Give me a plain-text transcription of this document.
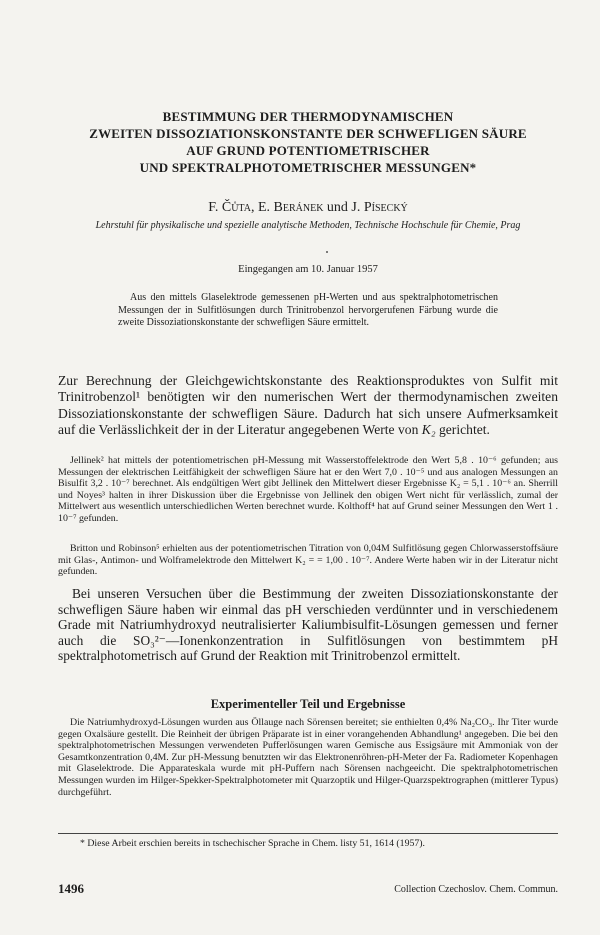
BESTIMMUNG DER THERMODYNAMISCHEN
ZWEITEN DISSOZIATIONSKONSTANTE DER SCHWEFLIGEN SÄURE
AUF GRUND POTENTIOMETRISCHER
UND SPEKTRALPHOTOMETRISCHER MESSUNGEN*
F. Čůta, E. Beránek und J. Písecký
Lehrstuhl für physikalische und spezielle analytische Methoden, Technische Hochschule für Chemie, Prag
Eingegangen am 10. Januar 1957
Aus den mittels Glaselektrode gemessenen pH-Werten und aus spektralphotometrischen Messungen der in Sulfitlösungen durch Trinitrobenzol hervorgerufenen Färbung wurde die zweite Dissoziationskonstante der schwefligen Säure ermittelt.
Zur Berechnung der Gleichgewichtskonstante des Reaktionsproduktes von Sulfit mit Trinitrobenzol¹ benötigten wir den numerischen Wert der thermodynamischen zweiten Dissoziationskonstante der schwefligen Säure. Dadurch hat sich unsere Aufmerksamkeit auf die Verlässlichkeit der in der Literatur angegebenen Werte von K₂ gerichtet.

Jellinek² hat mittels der potentiometrischen pH-Messung mit Wasserstoffelektrode den Wert 5,8 . 10⁻⁶ gefunden; aus Messungen der elektrischen Leitfähigkeit der schwefligen Säure hat er den Wert 7,0 . 10⁻⁵ und aus analogen Messungen an Bisulfit 3,2 . 10⁻⁷ berechnet. Als endgültigen Wert gibt Jellinek den Mittelwert dieser Ergebnisse K₂ = 5,1 . 10⁻⁶ an. Sherrill und Noyes³ halten in ihrer Diskussion über die Ergebnisse von Jellinek den obigen Wert nicht für verlässlich, zumal der Mittelwert aus wesentlich unterschiedlichen Werten berechnet wurde. Kolthoff⁴ hat auf Grund seiner Messungen den Wert 1 . 10⁻⁷ gefunden.

Britton und Robinson⁵ erhielten aus der potentiometrischen Titration von 0,04M Sulfitlösung gegen Chlorwasserstoffsäure mit Glas-, Antimon- und Wolframelektrode den Mittelwert K₂ = = 1,00 . 10⁻⁷. Andere Werte haben wir in der Literatur nicht gefunden.

Bei unseren Versuchen über die Bestimmung der zweiten Dissoziationskonstante der schwefligen Säure haben wir einmal das pH verschieden verdünnter und in verschiedenem Grade mit Natriumhydroxyd neutralisierter Kaliumbisulfit-Lösungen gemessen und ferner auch die SO₃²⁻—Ionenkonzentration in Sulfitlösungen von bestimmtem pH spektralphotometrisch auf Grund der Reaktion mit Trinitrobenzol ermittelt.
Experimenteller Teil und Ergebnisse

Die Natriumhydroxyd-Lösungen wurden aus Öllauge nach Sörensen bereitet; sie enthielten 0,4% Na₂CO₃. Ihr Titer wurde gegen Oxalsäure gestellt. Die Reinheit der übrigen Präparate ist in einer vorangehenden Abhandlung¹ angegeben. Die bei den spektralphotometrischen Messungen verwendeten Pufferlösungen waren Gemische aus Essigsäure mit Ammoniak von der Gesamtkonzentration 0,4M. Zur pH-Messung benutzten wir das Elektronenröhren-pH-Meter der Fa. Radiometer Kopenhagen mit Glaselektrode. Die Apparateskala wurde mit pH-Puffern nach Sörensen nachgeeicht. Die spektralphotometrischen Messungen wurden im Hilger-Spekker-Spektralphotometer mit Quarzoptik und Hilger-Quarzspektrographen (mittlerer Typus) durchgeführt.

* Diese Arbeit erschien bereits in tschechischer Sprache in Chem. listy 51, 1614 (1957).
1496	Collection Czechoslov. Chem. Commun.
